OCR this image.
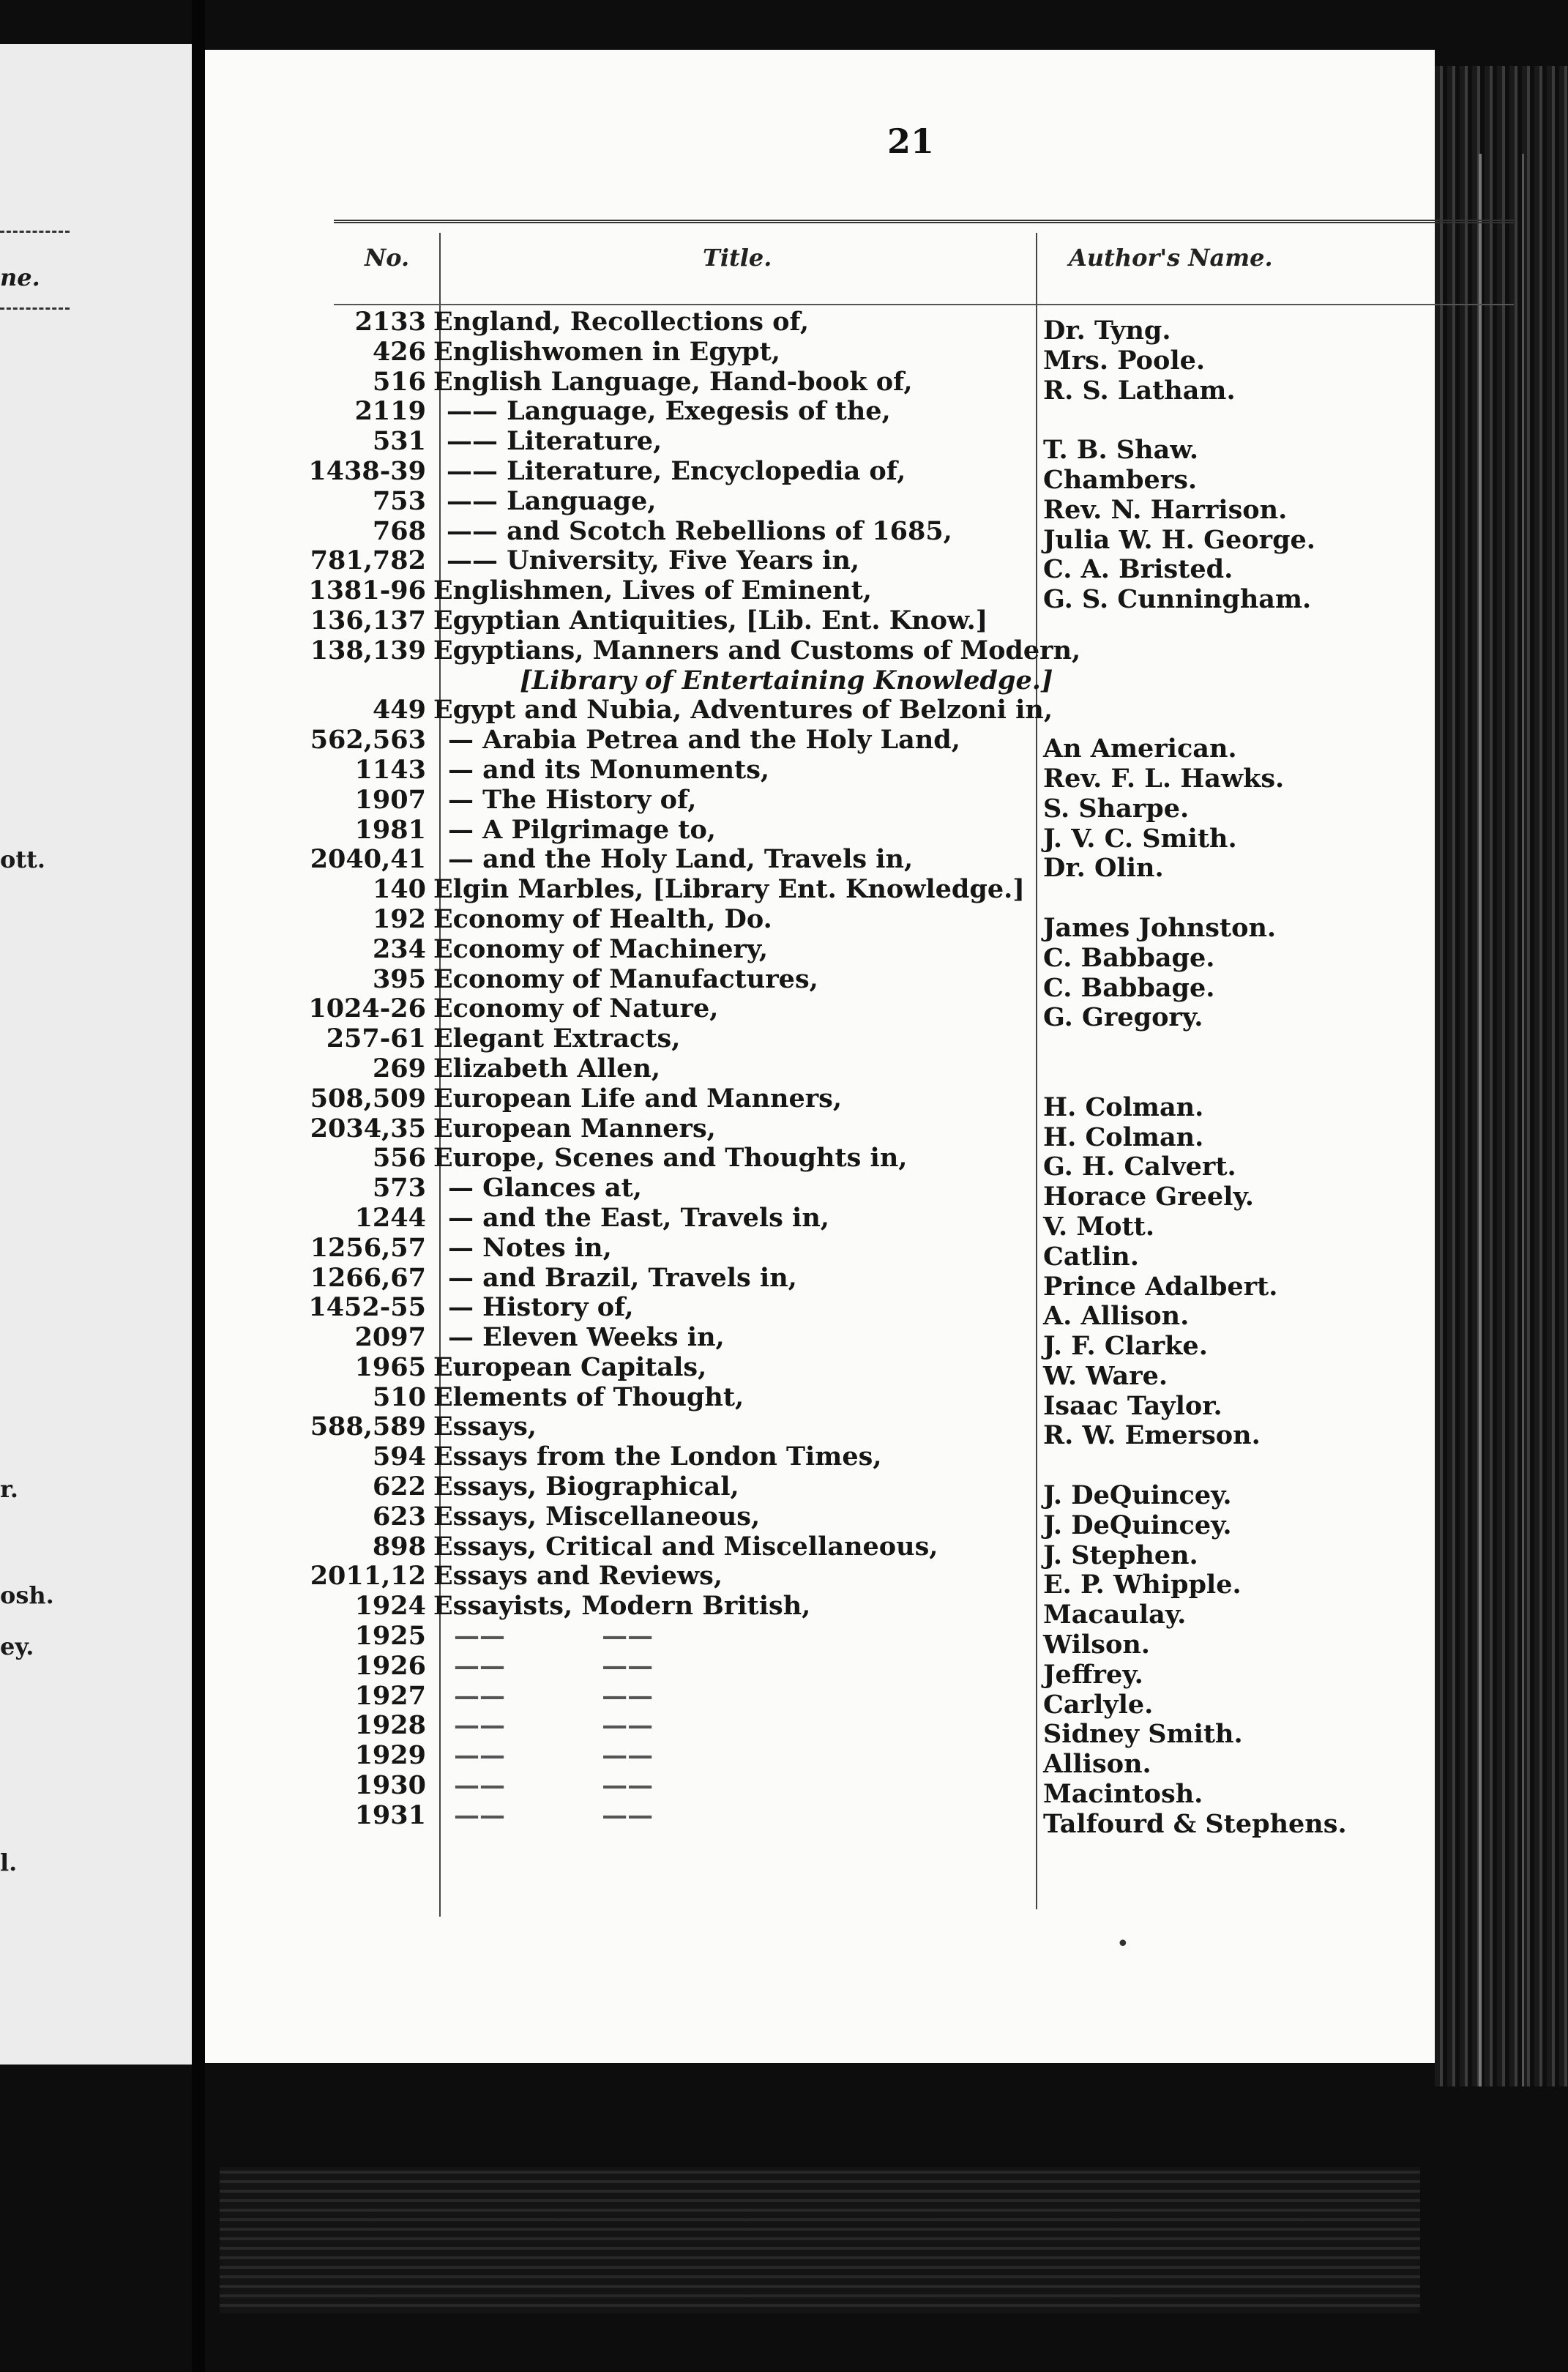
ne.
ott.
r.
osh.
ey.
l.
21
No.	Title.	Author's Name.
2133 England, Recollections of,	Dr. Tyng.
426 Englishwomen in Egypt,	Mrs. Poole.
516 English Language, Hand-book of,	R. S. Latham.
2119 —— Language, Exegesis of the,
531 —— Literature,	T. B. Shaw.
1438-39 —— Literature, Encyclopedia of,	Chambers.
753 —— Language,	Rev. N. Harrison.
768 —— and Scotch Rebellions of 1685,	Julia W. H. George.
781,782 —— University, Five Years in,	C. A. Bristed.
1381-96 Englishmen, Lives of Eminent,	G. S. Cunningham.
136,137 Egyptian Antiquities, [Lib. Ent. Know.]
138,139 Egyptians, Manners and Customs of Modern,
[Library of Entertaining Knowledge.]
449 Egypt and Nubia, Adventures of Belzoni in,
562,563 — Arabia Petrea and the Holy Land,	An American.
1143 — and its Monuments,	Rev. F. L. Hawks.
1907 — The History of,	S. Sharpe.
1981 — A Pilgrimage to,	J. V. C. Smith.
2040,41 — and the Holy Land, Travels in,	Dr. Olin.
140 Elgin Marbles, [Library Ent. Knowledge.]
192 Economy of Health, Do.	James Johnston.
234 Economy of Machinery,	C. Babbage.
395 Economy of Manufactures,	C. Babbage.
1024-26 Economy of Nature,	G. Gregory.
257-61 Elegant Extracts,
269 Elizabeth Allen,
508,509 European Life and Manners,	H. Colman.
2034,35 European Manners,	H. Colman.
556 Europe, Scenes and Thoughts in,	G. H. Calvert.
573 — Glances at,	Horace Greely.
1244 — and the East, Travels in,	V. Mott.
1256,57 — Notes in,	Catlin.
1266,67 — and Brazil, Travels in,	Prince Adalbert.
1452-55 — History of,	A. Allison.
2097 — Eleven Weeks in,	J. F. Clarke.
1965 European Capitals,	W. Ware.
510 Elements of Thought,	Isaac Taylor.
588,589 Essays,	R. W. Emerson.
594 Essays from the London Times,
622 Essays, Biographical,	J. DeQuincey.
623 Essays, Miscellaneous,	J. DeQuincey.
898 Essays, Critical and Miscellaneous,	J. Stephen.
2011,12 Essays and Reviews,	E. P. Whipple.
1924 Essayists, Modern British,	Macaulay.
1925 —— ——	Wilson.
1926 —— ——	Jeffrey.
1927 —— ——	Carlyle.
1928 —— ——	Sidney Smith.
1929 —— ——	Allison.
1930 —— ——	Macintosh.
1931 —— ——	Talfourd & Stephens.
•
